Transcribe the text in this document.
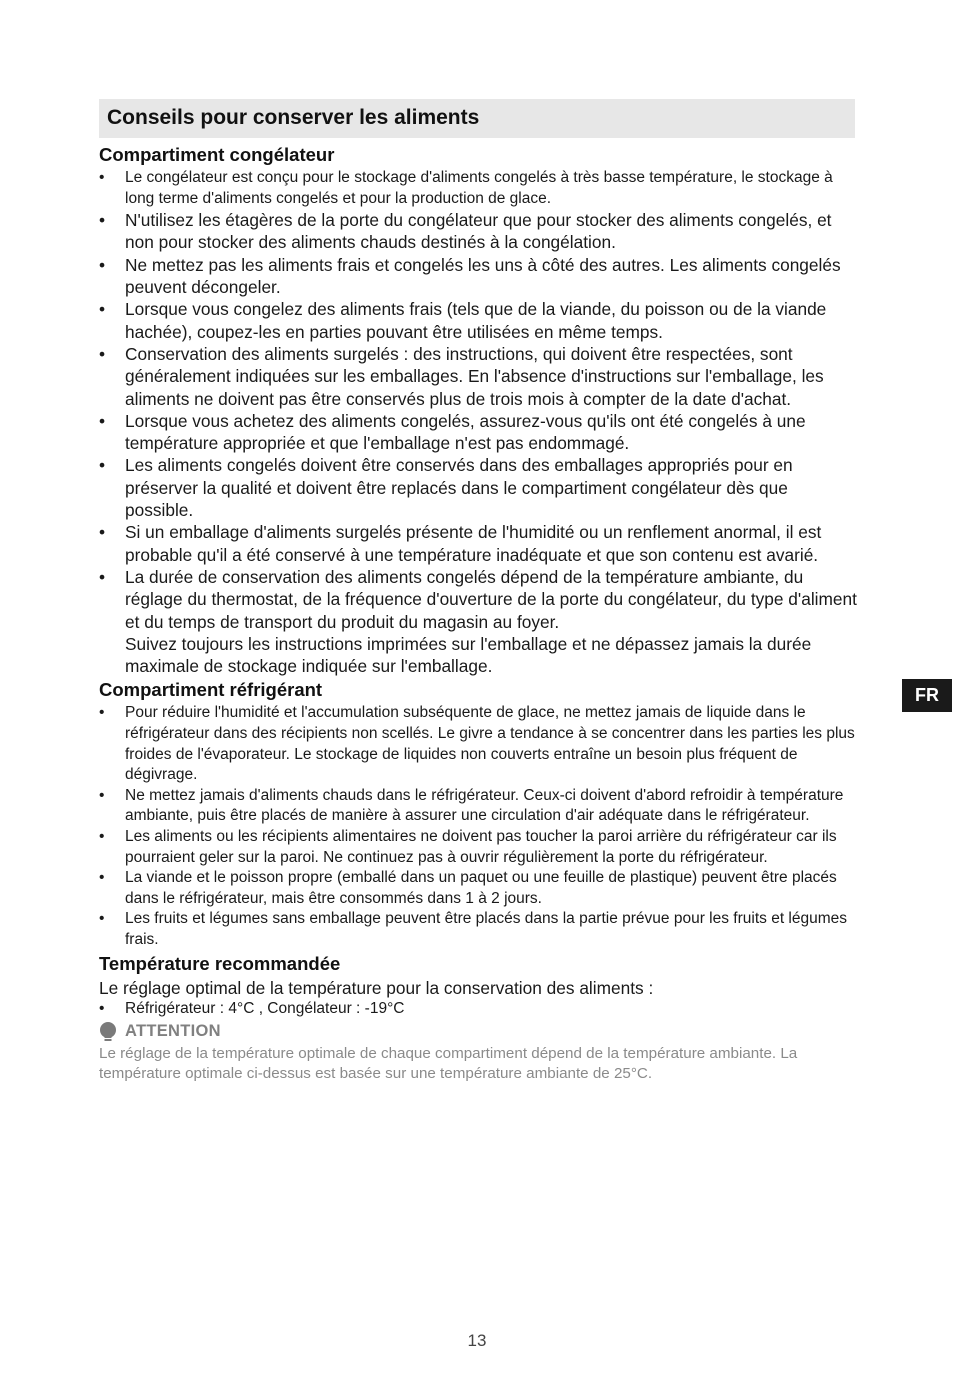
Conseils pour conserver les aliments
Compartiment congélateur
• Le congélateur est conçu pour le stockage d'aliments congelés à très basse température, le stockage à long terme d'aliments congelés et pour la production de glace.
• N'utilisez les étagères de la porte du congélateur que pour stocker des aliments congelés, et non pour stocker des aliments chauds destinés à la congélation.
• Ne mettez pas les aliments frais et congelés les uns à côté des autres. Les aliments congelés peuvent décongeler.
• Lorsque vous congelez des aliments frais (tels que de la viande, du poisson ou de la viande hachée), coupez-les en parties pouvant être utilisées en même temps.
• Conservation des aliments surgelés : des instructions, qui doivent être respectées, sont généralement indiquées sur les emballages. En l'absence d'instructions sur l'emballage, les aliments ne doivent pas être conservés plus de trois mois à compter de la date d'achat.
• Lorsque vous achetez des aliments congelés, assurez-vous qu'ils ont été congelés à une température appropriée et que l'emballage n'est pas endommagé.
• Les aliments congelés doivent être conservés dans des emballages appropriés pour en préserver la qualité et doivent être replacés dans le compartiment congélateur dès que possible.
• Si un emballage d'aliments surgelés présente de l'humidité ou un renflement anormal, il est probable qu'il a été conservé à une température inadéquate et que son contenu est avarié.
• La durée de conservation des aliments congelés dépend de la température ambiante, du réglage du thermostat, de la fréquence d'ouverture de la porte du congélateur, du type d'aliment et du temps de transport du produit du magasin au foyer.
Suivez toujours les instructions imprimées sur l'emballage et ne dépassez jamais la durée maximale de stockage indiquée sur l'emballage.
Compartiment réfrigérant
• Pour réduire l'humidité et l'accumulation subséquente de glace, ne mettez jamais de liquide dans le réfrigérateur dans des récipients non scellés. Le givre a tendance à se concentrer dans les parties les plus froides de l'évaporateur. Le stockage de liquides non couverts entraîne un besoin plus fréquent de dégivrage.
• Ne mettez jamais d'aliments chauds dans le réfrigérateur. Ceux-ci doivent d'abord refroidir à température ambiante, puis être placés de manière à assurer une circulation d'air adéquate dans le réfrigérateur.
• Les aliments ou les récipients alimentaires ne doivent pas toucher la paroi arrière du réfrigérateur car ils pourraient geler sur la paroi. Ne continuez pas à ouvrir régulièrement la porte du réfrigérateur.
• La viande et le poisson propre (emballé dans un paquet ou une feuille de plastique) peuvent être placés dans le réfrigérateur, mais être consommés dans 1 à 2 jours.
• Les fruits et légumes sans emballage peuvent être placés dans la partie prévue pour les fruits et légumes frais.
Température recommandée

Le réglage optimal de la température pour la conservation des aliments :

• Réfrigérateur : 4°C , Congélateur : -19°C
ATTENTION

Le réglage de la température optimale de chaque compartiment dépend de la température ambiante. La température optimale ci-dessus est basée sur une température ambiante de 25°C.

FR
13
